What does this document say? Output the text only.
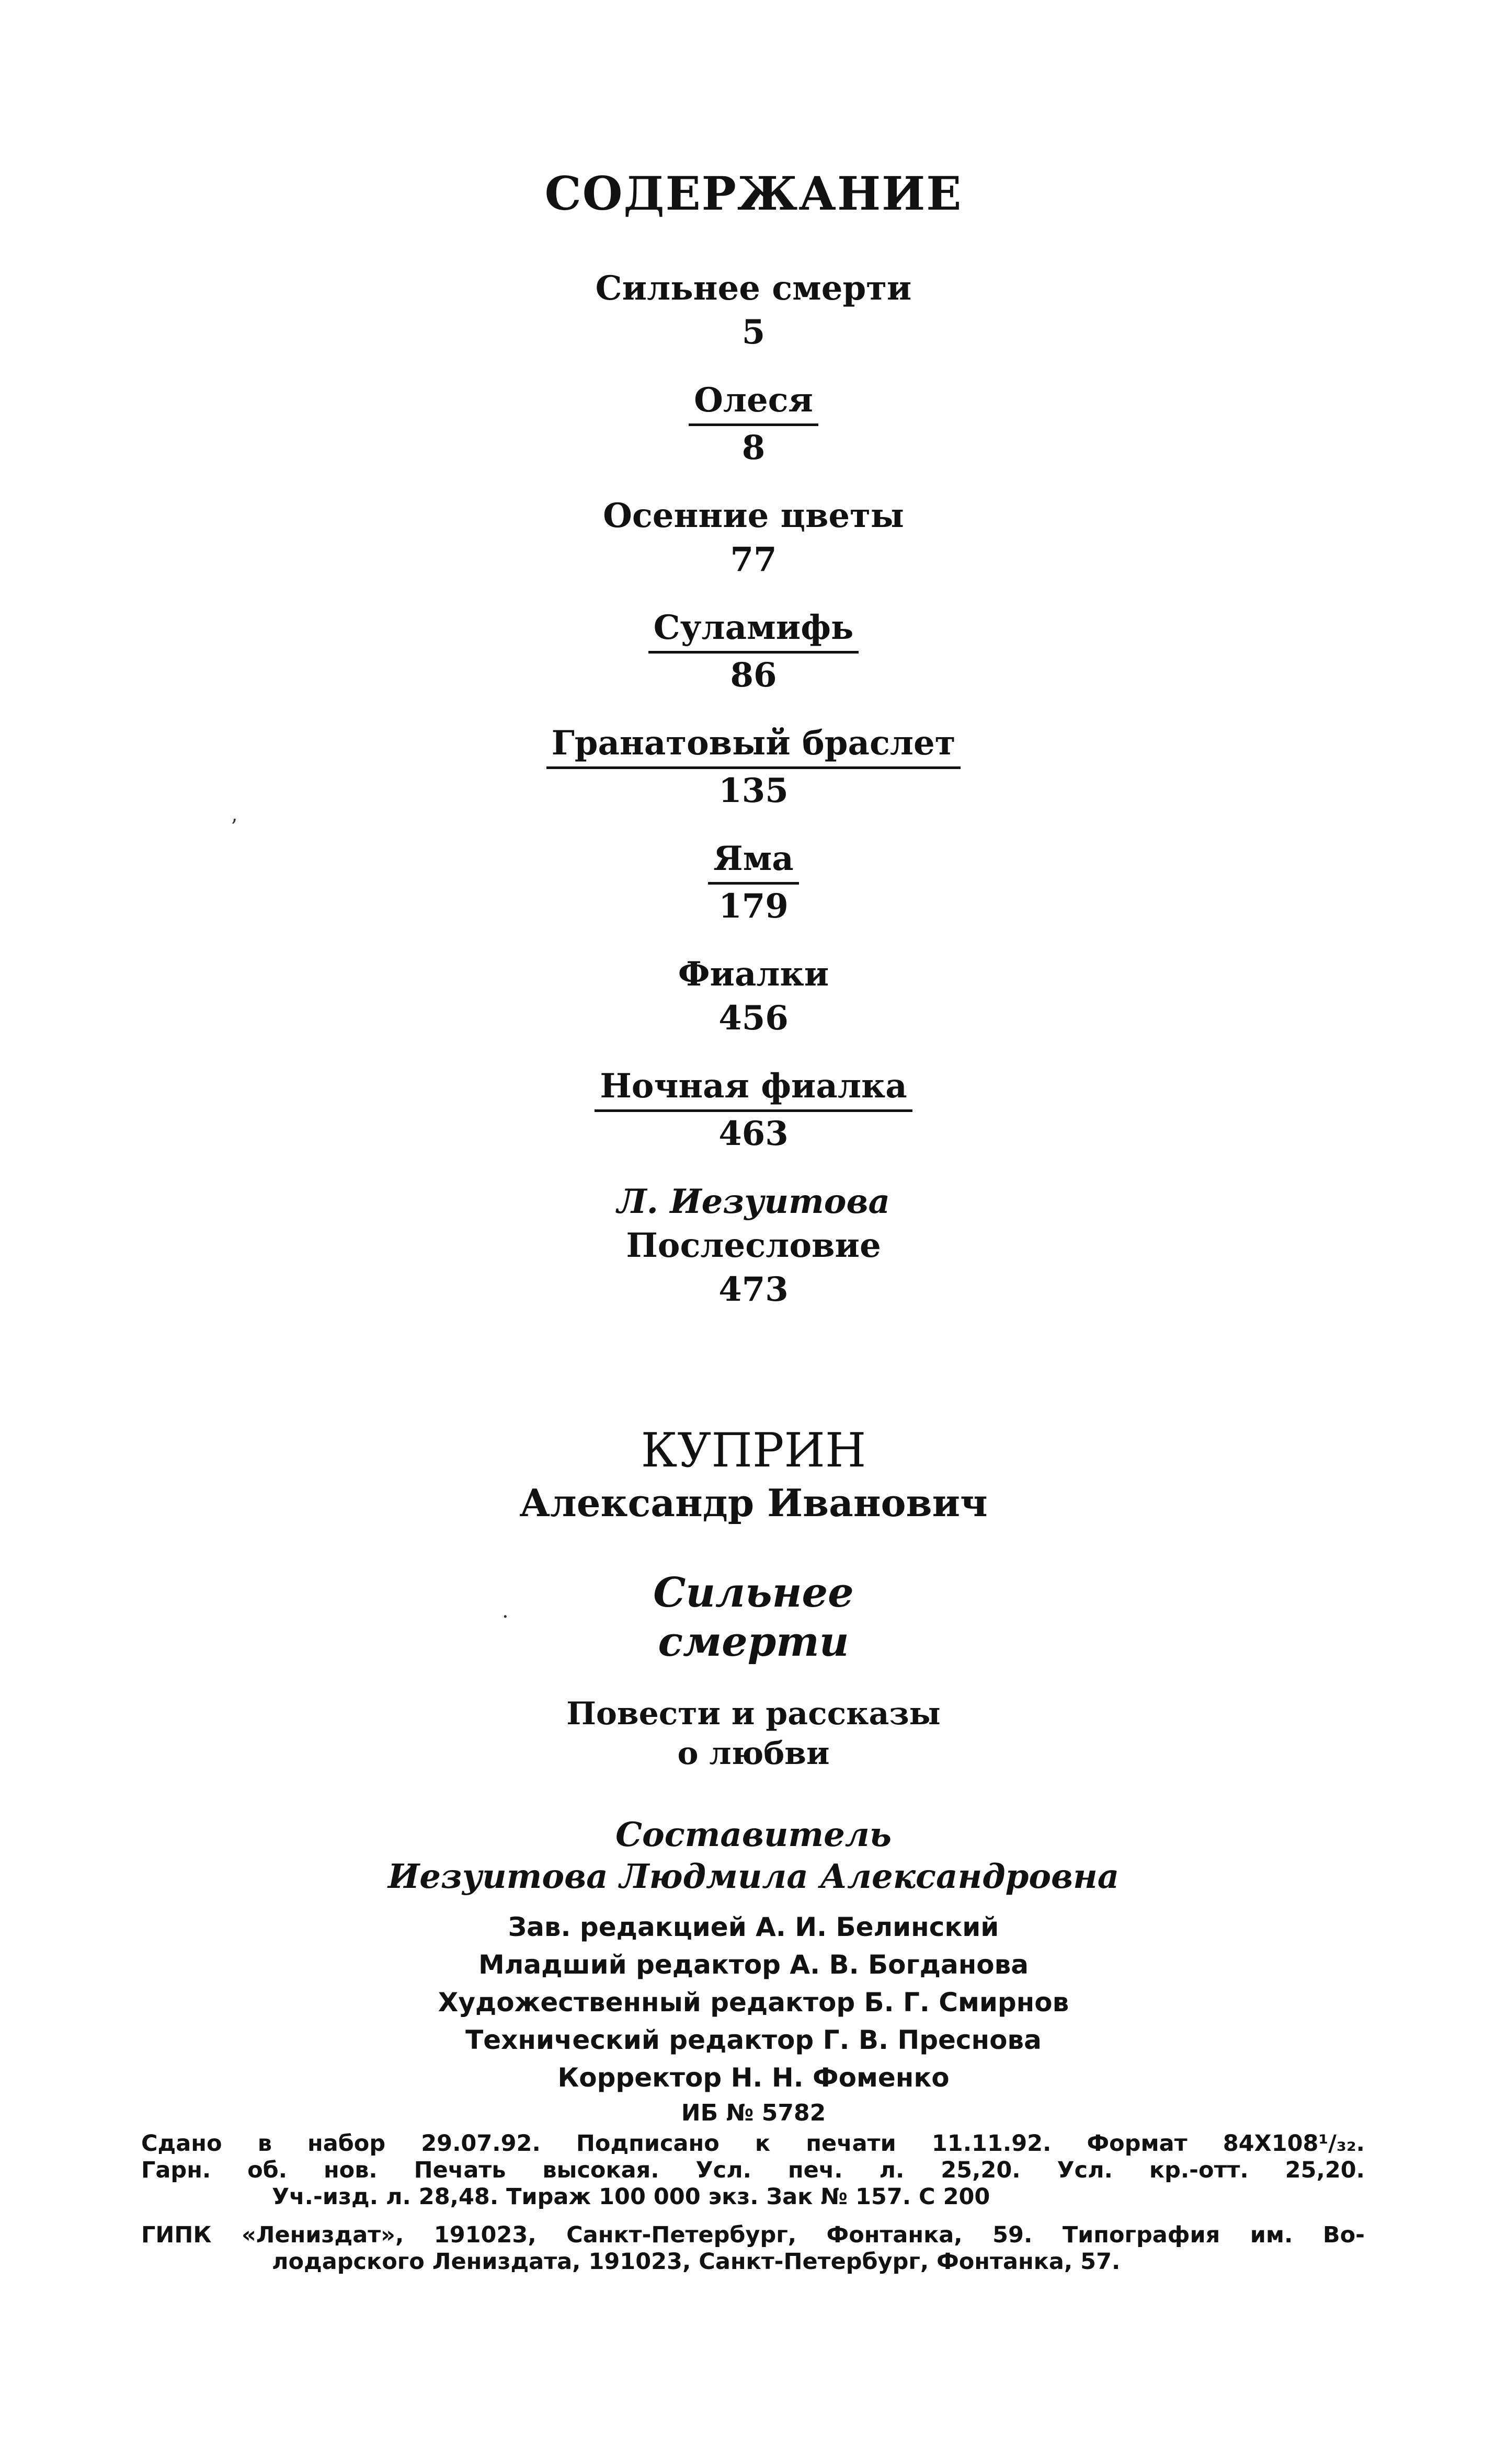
СОДЕРЖАНИЕ
Сильнее смерти
5
Олеся
8
Осенние цветы
77
Суламифь
86
Гранатовый браслет
135
Яма
179
Фиалки
456
Ночная фиалка
463
Л. Иезуитова
Послесловие
473
КУПРИН
Александр Иванович
Сильнее
смерти
Повести и рассказы
о любви
Составитель
Иезуитова Людмила Александровна
Зав. редакцией А. И. Белинский
Младший редактор А. В. Богданова
Художественный редактор Б. Г. Смирнов
Технический редактор Г. В. Преснова
Корректор Н. Н. Фоменко
ИБ № 5782
Сдано в набор 29.07.92. Подписано к печати 11.11.92. Формат 84Х108¹/₃₂.
Гарн. об. нов. Печать высокая. Усл. печ. л. 25,20. Усл. кр.-отт. 25,20.
Уч.-изд. л. 28,48. Тираж 100 000 экз. Зак № 157. С 200
ГИПК «Лениздат», 191023, Санкт-Петербург, Фонтанка, 59. Типография им. Во-
лодарского Лениздата, 191023, Санкт-Петербург, Фонтанка, 57.
ʼ
·
